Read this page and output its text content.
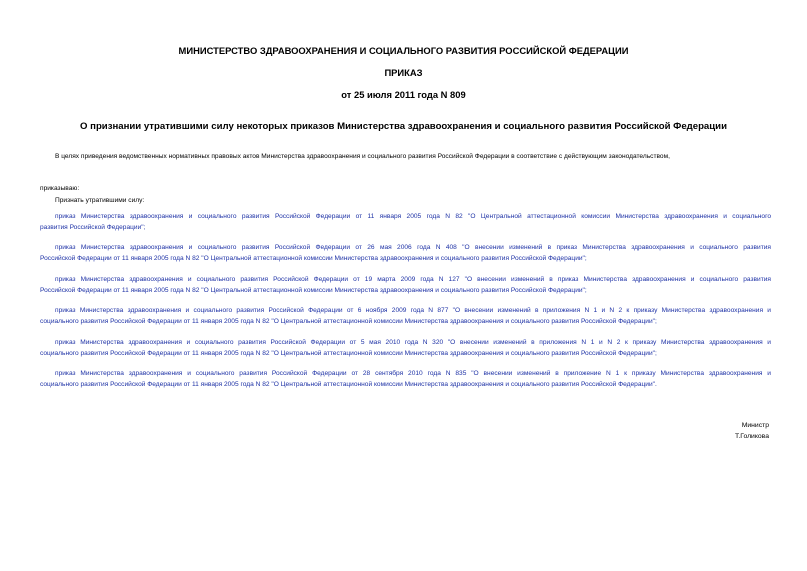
МИНИСТЕРСТВО ЗДРАВООХРАНЕНИЯ И СОЦИАЛЬНОГО РАЗВИТИЯ РОССИЙСКОЙ ФЕДЕРАЦИИ
ПРИКАЗ
от 25 июля 2011 года N 809
О признании утратившими силу некоторых приказов Министерства здравоохранения и социального развития Российской Федерации
В целях приведения ведомственных нормативных правовых актов Министерства здравоохранения и социального развития Российской Федерации в соответствие с действующим законодательством,
приказываю:
Признать утратившими силу:
приказ Министерства здравоохранения и социального развития Российской Федерации от 11 января 2005 года N 82 "О Центральной аттестационной комиссии Министерства здравоохранения и социального
развития Российской Федерации";
приказ Министерства здравоохранения и социального развития Российской Федерации от 26 мая 2006 года N 408 "О внесении изменений в приказ Министерства здравоохранения и социального развития
Российской Федерации от 11 января 2005 года N 82 "О Центральной аттестационной комиссии Министерства здравоохранения и социального развития Российской Федерации";
приказ Министерства здравоохранения и социального развития Российской Федерации от 19 марта 2009 года N 127 "О внесении изменений в приказ Министерства здравоохранения и социального развития
Российской Федерации от 11 января 2005 года N 82 "О Центральной аттестационной комиссии Министерства здравоохранения и социального развития Российской Федерации";
приказ Министерства здравоохранения и социального развития Российской Федерации от 6 ноября 2009 года N 877 "О внесении изменений в приложения N 1 и N 2 к приказу Министерства здравоохранения и
социального развития Российской Федерации от 11 января 2005 года N 82 "О Центральной аттестационной комиссии Министерства здравоохранения и социального развития Российской Федерации";
приказ Министерства здравоохранения и социального развития Российской Федерации от 5 мая 2010 года N 320 "О внесении изменений в приложения N 1 и N 2 к приказу Министерства здравоохранения и
социального развития Российской Федерации от 11 января 2005 года N 82 "О Центральной аттестационной комиссии Министерства здравоохранения и социального развития Российской Федерации";
приказ Министерства здравоохранения и социального развития Российской Федерации от 28 сентября 2010 года N 835 "О внесении изменений в приложение N 1 к приказу Министерства здравоохранения и
социального развития Российской Федерации от 11 января 2005 года N 82 "О Центральной аттестационной комиссии Министерства здравоохранения и социального развития Российской Федерации".
Министр
Т.Голикова
